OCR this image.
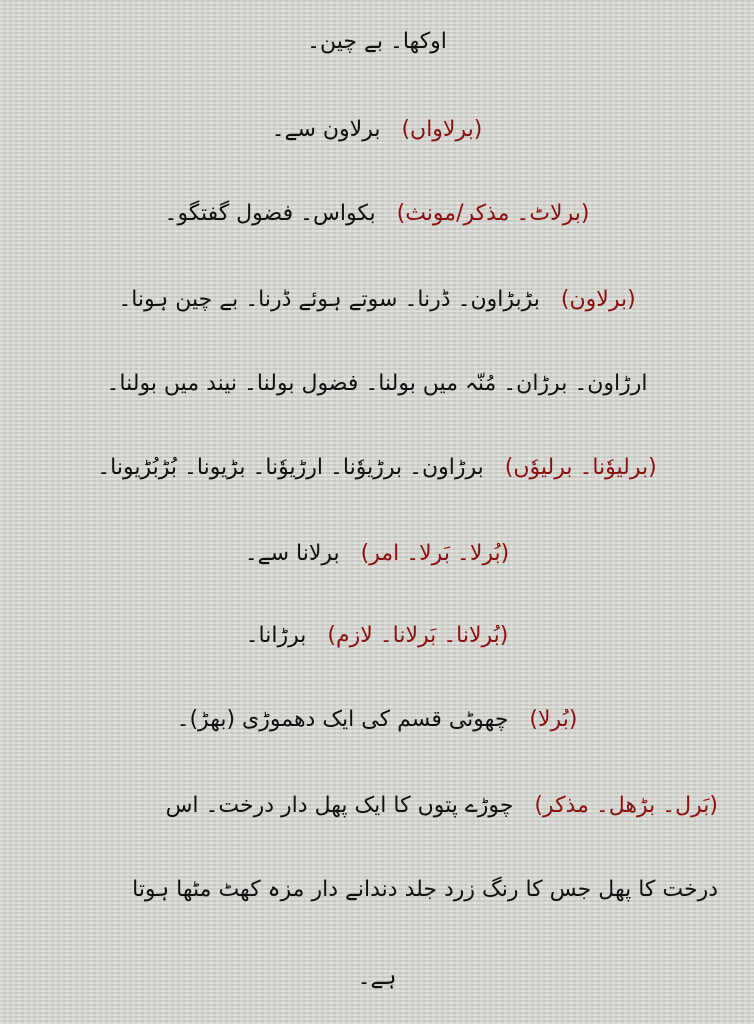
اوکھا۔ بے چین۔
(برلاواں) برلاون سے۔
(برلاٹ۔ مذکر/مونث) بکواس۔ فضول گفتگو۔
(برلاون) بڑبڑاون۔ ڈرنا۔ سوتے ہوئے ڈرنا۔ بے چین ہونا۔
ارڑاون۔ برڑان۔ مُنّہ میں بولنا۔ فضول بولنا۔ نیند میں بولنا۔
(برلیوٗنا۔ برلیوٗں) برڑاون۔ برڑیوٗنا۔ ارڑیوٗنا۔ بڑیونا۔ بُڑبُڑیونا۔
(بُرلا۔ بَرلا۔ امر) برلانا سے۔
(بُرلانا۔ بَرلانا۔ لازم) برڑانا۔
(بُرلا) چھوٹی قسم کی ایک دھموڑی (بھڑ)۔
(بَرل۔ بڑھل۔ مذکر) چوڑے پتوں کا ایک پھل دار درخت۔ اس
درخت کا پھل جس کا رنگ زرد جلد دندانے دار مزہ کھٹ مٹھا ہوتا
ہے۔
